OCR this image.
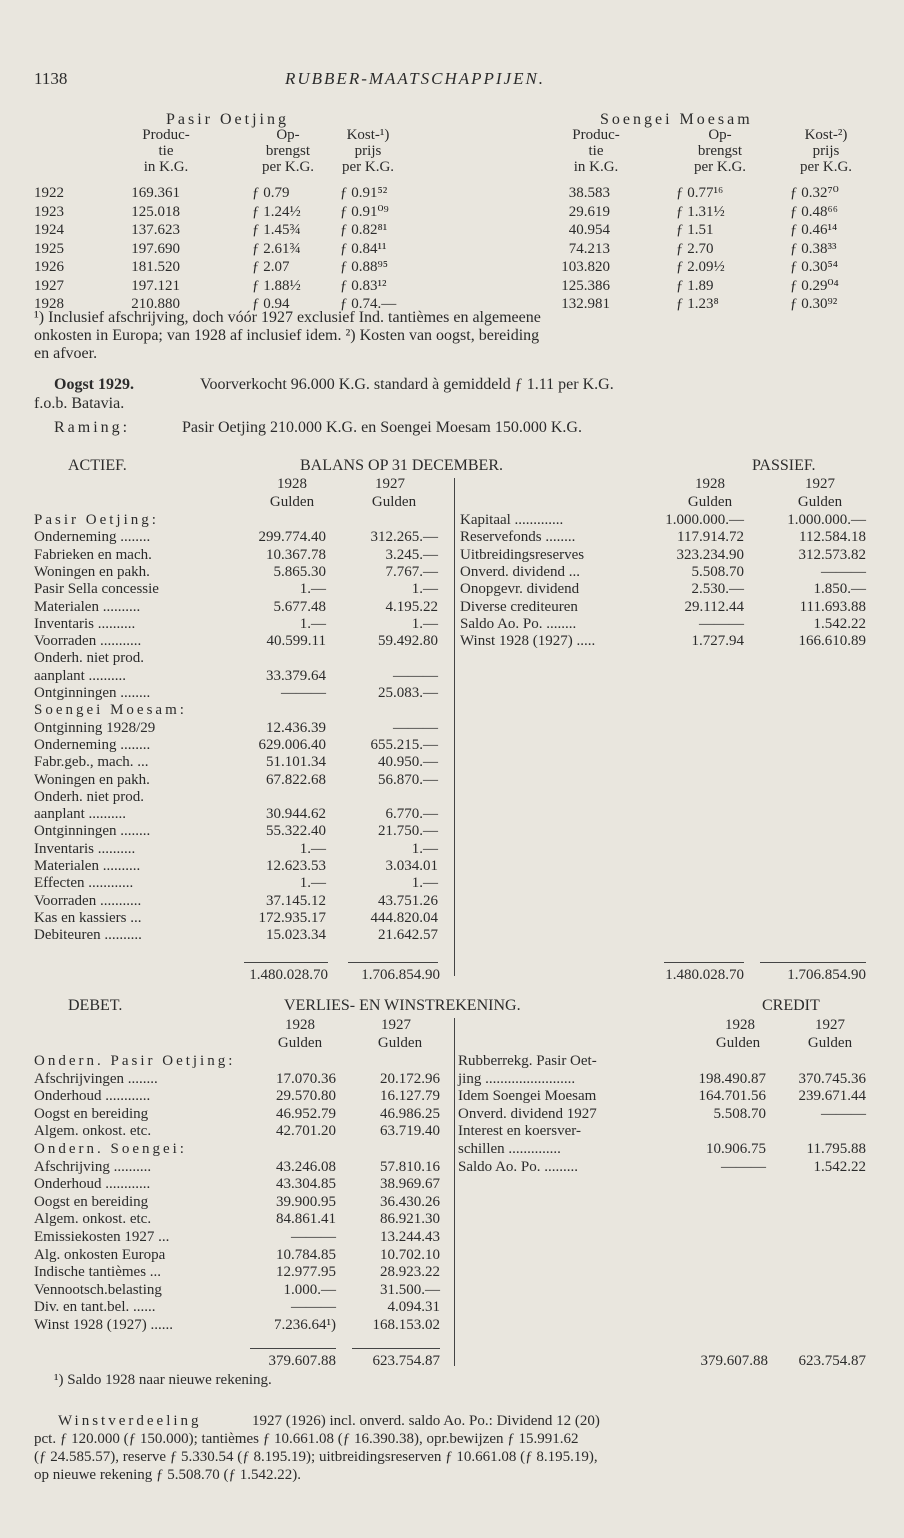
1138	RUBBER-MAATSCHAPPIJEN.
Pasir Oetjing	Soengei Moesam
Produc-
tie
in K.G.
Op-
brengst
per K.G.
Kost-¹)
prijs
per K.G.
Produc-
tie
in K.G.
Op-
brengst
per K.G.
Kost-²)
prijs
per K.G.
1922	169.361	ƒ 0.79	ƒ 0.91⁵²	38.583	ƒ 0.77¹⁶	ƒ 0.32⁷⁰
1923	125.018	ƒ 1.24½	ƒ 0.91⁰⁹	29.619	ƒ 1.31½	ƒ 0.48⁶⁶
1924	137.623	ƒ 1.45¾	ƒ 0.82⁸¹	40.954	ƒ 1.51	ƒ 0.46¹⁴
1925	197.690	ƒ 2.61¾	ƒ 0.84¹¹	74.213	ƒ 2.70	ƒ 0.38³³
1926	181.520	ƒ 2.07	ƒ 0.88⁹⁵	103.820	ƒ 2.09½	ƒ 0.30⁵⁴
1927	197.121	ƒ 1.88½	ƒ 0.83¹²	125.386	ƒ 1.89	ƒ 0.29⁰⁴
1928	210.880	ƒ 0.94	ƒ 0.74.—	132.981	ƒ 1.23⁸	ƒ 0.30⁹²
¹) Inclusief afschrijving, doch vóór 1927 exclusief Ind. tantièmes en algemeene
onkosten in Europa; van 1928 af inclusief idem. ²) Kosten van oogst, bereiding
en afvoer.
Oogst 1929.	Voorverkocht 96.000 K.G. standard à gemiddeld ƒ 1.11 per K.G.
f.o.b. Batavia.
Raming:	Pasir Oetjing 210.000 K.G. en Soengei Moesam 150.000 K.G.
ACTIEF.	BALANS OP 31 DECEMBER.	PASSIEF.
1928	1927
Gulden	Gulden
1928	1927
Gulden	Gulden
Pasir Oetjing:
Onderneming ........	299.774.40	312.265.—
Fabrieken en mach.	10.367.78	3.245.—
Woningen en pakh.	5.865.30	7.767.—
Pasir Sella concessie	1.—	1.—
Materialen ..........	5.677.48	4.195.22
Inventaris ..........	1.—	1.—
Voorraden ...........	40.599.11	59.492.80
Onderh. niet prod.
aanplant ..........	33.379.64	———
Ontginningen ........	———	25.083.—
Soengei Moesam:
Ontginning 1928/29	12.436.39	———
Onderneming ........	629.006.40	655.215.—
Fabr.geb., mach. ...	51.101.34	40.950.—
Woningen en pakh.	67.822.68	56.870.—
Onderh. niet prod.
aanplant ..........	30.944.62	6.770.—
Ontginningen ........	55.322.40	21.750.—
Inventaris ..........	1.—	1.—
Materialen ..........	12.623.53	3.034.01
Effecten ............	1.—	1.—
Voorraden ...........	37.145.12	43.751.26
Kas en kassiers ...	172.935.17	444.820.04
Debiteuren ..........	15.023.34	21.642.57
Kapitaal .............	1.000.000.—	1.000.000.—
Reservefonds ........	117.914.72	112.584.18
Uitbreidingsreserves	323.234.90	312.573.82
Onverd. dividend ...	5.508.70	———
Onopgevr. dividend	2.530.—	1.850.—
Diverse crediteuren	29.112.44	111.693.88
Saldo Ao. Po. ........	———	1.542.22
Winst 1928 (1927) .....	1.727.94	166.610.89
1.480.028.70	1.706.854.90	1.480.028.70	1.706.854.90
DEBET.	VERLIES- EN WINSTREKENING.	CREDIT
1928	1927
Gulden	Gulden
1928	1927
Gulden	Gulden
Ondern. Pasir Oetjing:
Afschrijvingen ........	17.070.36	20.172.96
Onderhoud ............	29.570.80	16.127.79
Oogst en bereiding	46.952.79	46.986.25
Algem. onkost. etc.	42.701.20	63.719.40
Ondern. Soengei:
Afschrijving ..........	43.246.08	57.810.16
Onderhoud ............	43.304.85	38.969.67
Oogst en bereiding	39.900.95	36.430.26
Algem. onkost. etc.	84.861.41	86.921.30
Emissiekosten 1927 ...	———	13.244.43
Alg. onkosten Europa	10.784.85	10.702.10
Indische tantièmes ...	12.977.95	28.923.22
Vennootsch.belasting	1.000.—	31.500.—
Div. en tant.bel. ......	———	4.094.31
Winst 1928 (1927) ......	7.236.64¹)	168.153.02
Rubberrekg. Pasir Oet-
jing ........................	198.490.87	370.745.36
Idem Soengei Moesam	164.701.56	239.671.44
Onverd. dividend 1927	5.508.70	———
Interest en koersver-
schillen ..............	10.906.75	11.795.88
Saldo Ao. Po. .........	———	1.542.22
379.607.88	623.754.87	379.607.88	623.754.87
¹) Saldo 1928 naar nieuwe rekening.
Winstverdeeling	1927 (1926) incl. onverd. saldo Ao. Po.: Dividend 12 (20)
pct. ƒ 120.000 (ƒ 150.000); tantièmes ƒ 10.661.08 (ƒ 16.390.38), opr.bewijzen ƒ 15.991.62
(ƒ 24.585.57), reserve ƒ 5.330.54 (ƒ 8.195.19); uitbreidingsreserven ƒ 10.661.08 (ƒ 8.195.19),
op nieuwe rekening ƒ 5.508.70 (ƒ 1.542.22).
